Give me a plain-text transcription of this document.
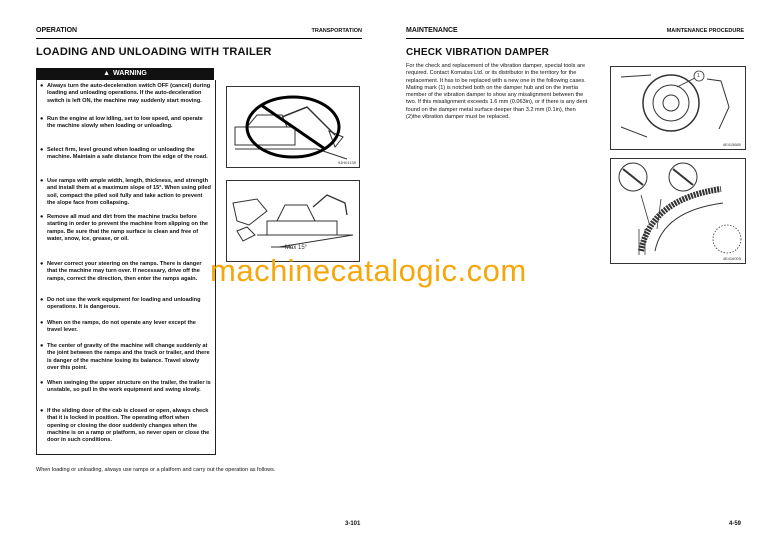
OPERATION	TRANSPORTATION
LOADING AND UNLOADING WITH TRAILER
▲ WARNING
● Always turn the auto-deceleration switch OFF (cancel) during loading and unloading operations. If the auto-deceleration switch is left ON, the machine may suddenly start moving.
● Run the engine at low idling, set to low speed, and operate the machine slowly when loading or unloading.
● Select firm, level ground when loading or unloading the machine. Maintain a safe distance from the edge of the road.
● Use ramps with ample width, length, thickness, and strength and install them at a maximum slope of 15°. When using piled soil, compact the piled soil fully and take action to prevent the slope face from collapsing.
● Remove all mud and dirt from the machine tracks before starting in order to prevent the machine from slipping on the ramps. Be sure that the ramp surface is clean and free of water, snow, ice, grease, or oil.
● Never correct your steering on the ramps. There is danger that the machine may turn over. If necessary, drive off the ramps, correct the direction, then enter the ramps again.
● Do not use the work equipment for loading and unloading operations. It is dangerous.
● When on the ramps, do not operate any lever except the travel lever.
● The center of gravity of the machine will change suddenly at the joint between the ramps and the track or trailer, and there is danger of the machine losing its balance. Travel slowly over this point.
● When swinging the upper structure on the trailer, the trailer is unstable, so pull in the work equipment and swing slowly.
● If the sliding door of the cab is closed or open, always check that it is locked in position. The operating effort when opening or closing the door suddenly changes when the machine is on a ramp or platform, so never open or close the door in such conditions.
9JH01139
Max 15°
When loading or unloading, always use ramps or a platform and carry out the operation as follows.
3-101
MAINTENANCE	MAINTENANCE PROCEDURE
CHECK VIBRATION DAMPER
For the check and replacement of the vibration damper, special tools are required. Contact Komatsu Ltd. or its distributor in the territory for the replacement. It has to be replaced with a new one in the following cases. Mating mark (1) is notched both on the damper hub and on the inertia member of the vibration damper to show any misalignment between the two. If this misalignment exceeds 1.6 mm (0.063in), or if there is any dent found on the damper metal surface deeper than 3.2 mm (0.1in), then (2)the vibration damper must be replaced.
1
4E415680
4E416005
4-59
machinecatalogic.com
